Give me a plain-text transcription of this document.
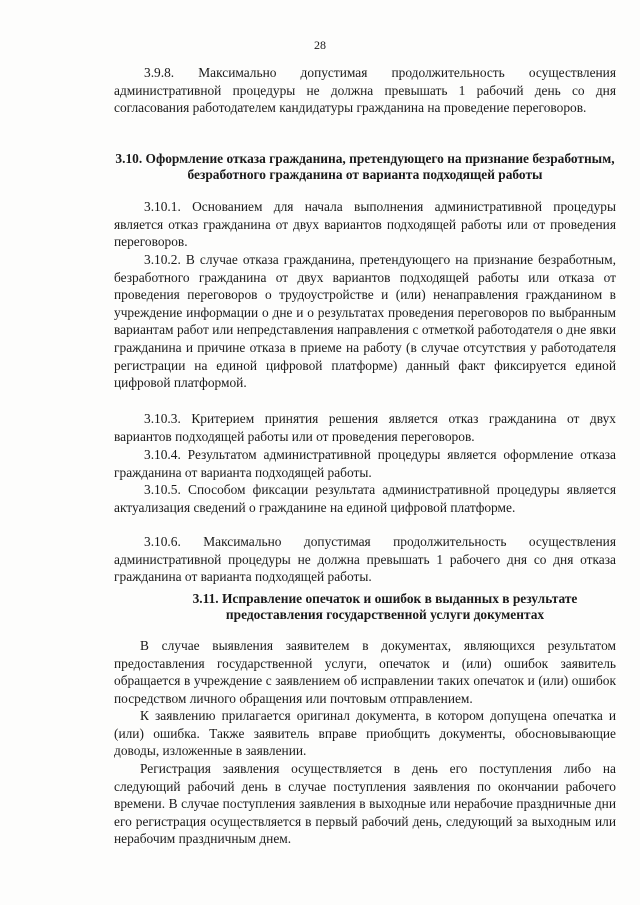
28

3.9.8. Максимально допустимая продолжительность осуществления административной процедуры не должна превышать 1 рабочий день со дня согласования работодателем кандидатуры гражданина на проведение переговоров.

3.10. Оформление отказа гражданина, претендующего на признание безработным, безработного гражданина от варианта подходящей работы

3.10.1. Основанием для начала выполнения административной процедуры является отказ гражданина от двух вариантов подходящей работы или от проведения переговоров.

3.10.2. В случае отказа гражданина, претендующего на признание безработным, безработного гражданина от двух вариантов подходящей работы или отказа от проведения переговоров о трудоустройстве и (или) ненаправления гражданином в учреждение информации о дне и о результатах проведения переговоров по выбранным вариантам работ или непредставления направления с отметкой работодателя о дне явки гражданина и причине отказа в приеме на работу (в случае отсутствия у работодателя регистрации на единой цифровой платформе) данный факт фиксируется единой цифровой платформой.

3.10.3. Критерием принятия решения является отказ гражданина от двух вариантов подходящей работы или от проведения переговоров.

3.10.4. Результатом административной процедуры является оформление отказа гражданина от варианта подходящей работы.

3.10.5. Способом фиксации результата административной процедуры является актуализация сведений о гражданине на единой цифровой платформе.

3.10.6. Максимально допустимая продолжительность осуществления административной процедуры не должна превышать 1 рабочего дня со дня отказа гражданина от варианта подходящей работы.

3.11. Исправление опечаток и ошибок в выданных в результате предоставления государственной услуги документах

В случае выявления заявителем в документах, являющихся результатом предоставления государственной услуги, опечаток и (или) ошибок заявитель обращается в учреждение с заявлением об исправлении таких опечаток и (или) ошибок посредством личного обращения или почтовым отправлением.

К заявлению прилагается оригинал документа, в котором допущена опечатка и (или) ошибка. Также заявитель вправе приобщить документы, обосновывающие доводы, изложенные в заявлении.

Регистрация заявления осуществляется в день его поступления либо на следующий рабочий день в случае поступления заявления по окончании рабочего времени. В случае поступления заявления в выходные или нерабочие праздничные дни его регистрация осуществляется в первый рабочий день, следующий за выходным или нерабочим праздничным днем.
